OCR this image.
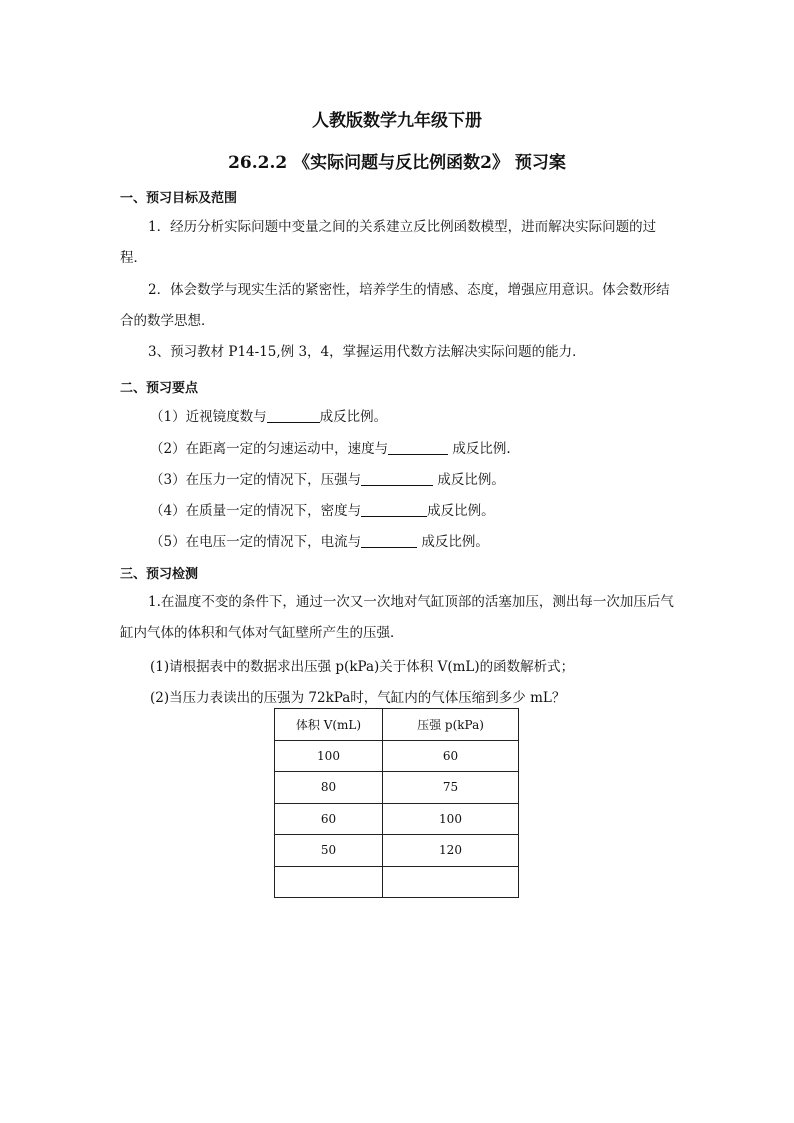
人教版数学九年级下册
26.2.2 《实际问题与反比例函数2》 预习案
一、预习目标及范围
1．经历分析实际问题中变量之间的关系建立反比例函数模型，进而解决实际问题的过程．
2．体会数学与现实生活的紧密性，培养学生的情感、态度，增强应用意识。体会数形结合的数学思想．
3、预习教材 P14-15,例 3，4，掌握运用代数方法解决实际问题的能力．
二、预习要点
（1）近视镜度数与	成反比例。
（2）在距离一定的匀速运动中，速度与	成反比例.
（3）在压力一定的情况下，压强与	成反比例。
（4）在质量一定的情况下，密度与	成反比例。
（5）在电压一定的情况下，电流与	成反比例。
三、预习检测
1.在温度不变的条件下，通过一次又一次地对气缸顶部的活塞加压，测出每一次加压后气缸内气体的体积和气体对气缸壁所产生的压强．
(1)请根据表中的数据求出压强 p(kPa)关于体积 V(mL)的函数解析式；
(2)当压力表读出的压强为 72kPa时，气缸内的气体压缩到多少 mL？
体积 V(mL)	压强 p(kPa)
100	60
80	75
60	100
50	120
